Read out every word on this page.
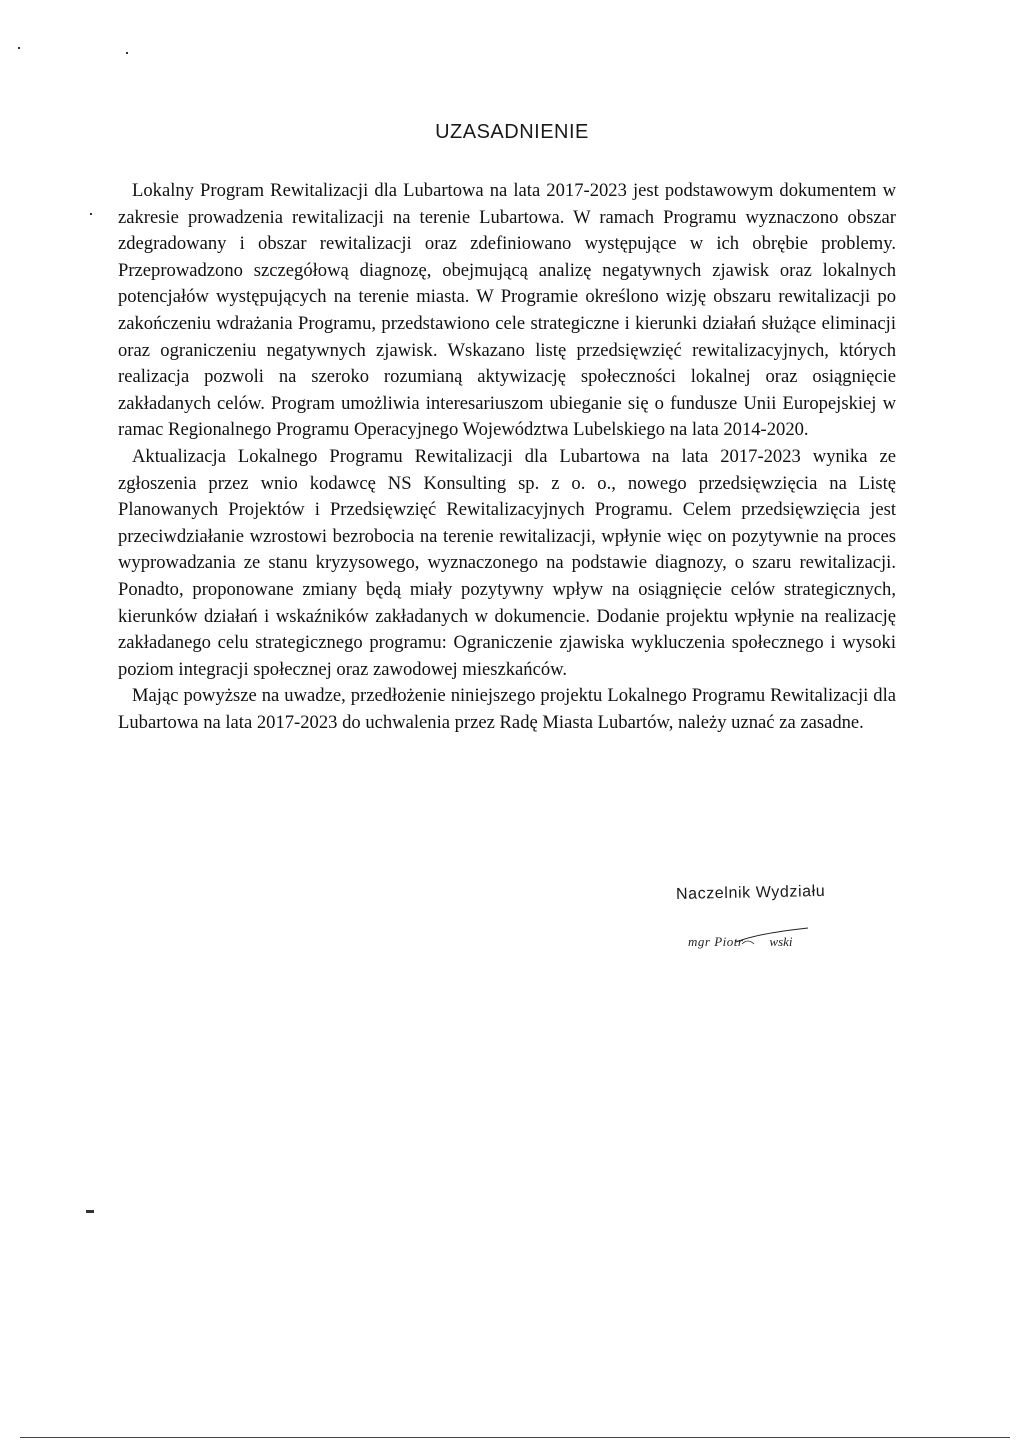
UZASADNIENIE

Lokalny Program Rewitalizacji dla Lubartowa na lata 2017-2023 jest podstawowym dokumentem w zakresie prowadzenia rewitalizacji na terenie Lubartowa. W ramach Programu wyznaczono obszar zdegradowany i obszar rewitalizacji oraz zdefiniowano występujące w ich obrębie problemy. Przeprowadzono szczegółową diagnozę, obejmującą analizę negatywnych zjawisk oraz lokalnych potencjałów występujących na terenie miasta. W Programie określono wizję obszaru rewitalizacji po zakończeniu wdrażania Programu, przedstawiono cele strategiczne i kierunki działań służące eliminacji oraz ograniczeniu negatywnych zjawisk. Wskazano listę przedsięwzięć rewitalizacyjnych, których realizacja pozwoli na szeroko rozumianą aktywizację społeczności lokalnej oraz osiągnięcie zakładanych celów. Program umożliwia interesariuszom ubieganie się o fundusze Unii Europejskiej w ramac Regionalnego Programu Operacyjnego Województwa Lubelskiego na lata 2014-2020.

Aktualizacja Lokalnego Programu Rewitalizacji dla Lubartowa na lata 2017-2023 wynika ze zgłoszenia przez wnio kodawcę NS Konsulting sp. z o. o., nowego przedsięwzięcia na Listę Planowanych Projektów i Przedsięwzięć Rewitalizacyjnych Programu. Celem przedsięwzięcia jest przeciwdziałanie wzrostowi bezrobocia na terenie rewitalizacji, wpłynie więc on pozytywnie na proces wyprowadzania ze stanu kryzysowego, wyznaczonego na podstawie diagnozy, o szaru rewitalizacji. Ponadto, proponowane zmiany będą miały pozytywny wpływ na osiągnięcie celów strategicznych, kierunków działań i wskaźników zakładanych w dokumencie. Dodanie projektu wpłynie na realizację zakładanego celu strategicznego programu: Ograniczenie zjawiska wykluczenia społecznego i wysoki poziom integracji społecznej oraz zawodowej mieszkańców.

Mając powyższe na uwadze, przedłożenie niniejszego projektu Lokalnego Programu Rewitalizacji dla Lubartowa na lata 2017-2023 do uchwalenia przez Radę Miasta Lubartów, należy uznać za zasadne.

Naczelnik Wydziału
mgr Piotr wski
